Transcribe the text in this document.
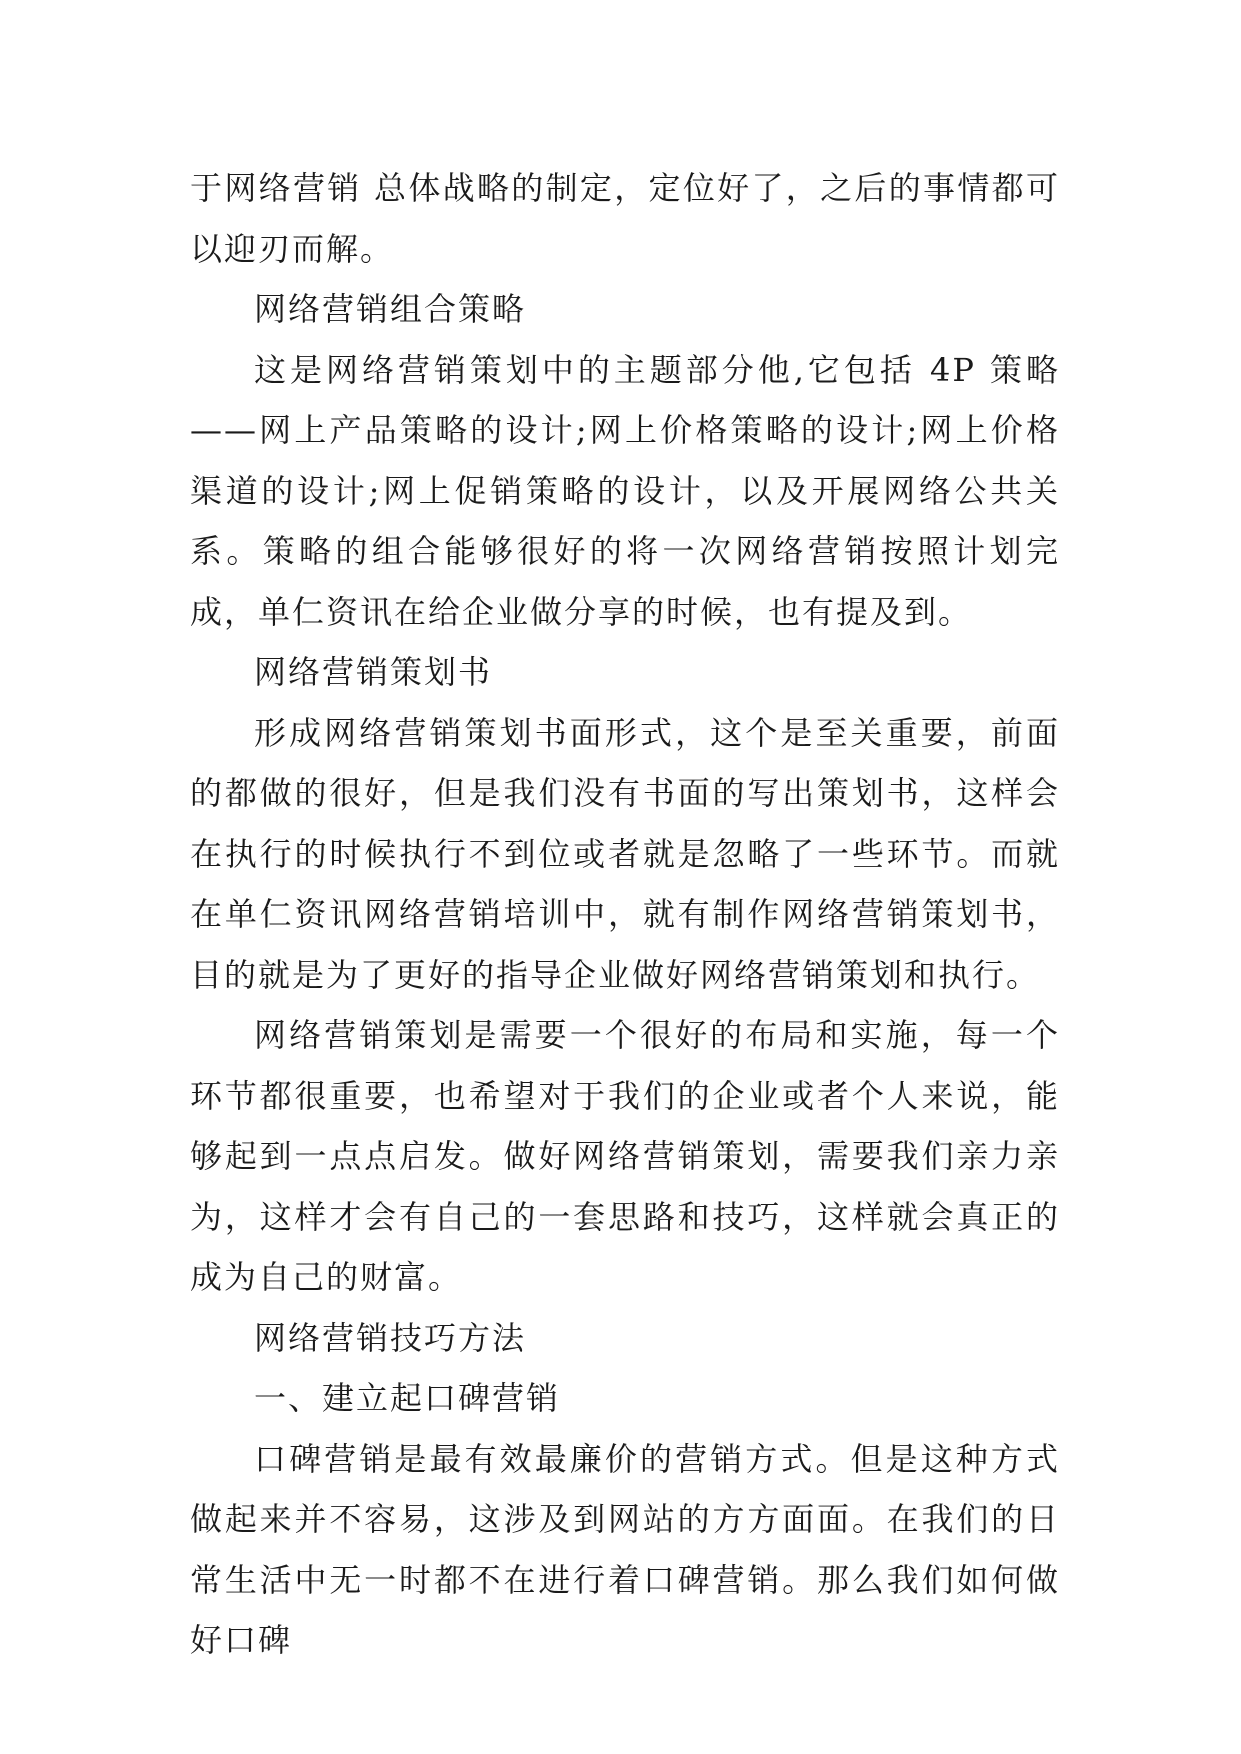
于网络营销 总体战略的制定，定位好了，之后的事情都可以迎刃而解。

网络营销组合策略

这是网络营销策划中的主题部分他,它包括 4P 策略——网上产品策略的设计;网上价格策略的设计;网上价格渠道的设计;网上促销策略的设计，以及开展网络公共关系。策略的组合能够很好的将一次网络营销按照计划完成，单仁资讯在给企业做分享的时候，也有提及到。

网络营销策划书

形成网络营销策划书面形式，这个是至关重要，前面的都做的很好，但是我们没有书面的写出策划书，这样会在执行的时候执行不到位或者就是忽略了一些环节。而就在单仁资讯网络营销培训中，就有制作网络营销策划书，目的就是为了更好的指导企业做好网络营销策划和执行。

网络营销策划是需要一个很好的布局和实施，每一个环节都很重要，也希望对于我们的企业或者个人来说，能够起到一点点启发。做好网络营销策划，需要我们亲力亲为，这样才会有自己的一套思路和技巧，这样就会真正的成为自己的财富。

网络营销技巧方法

一、建立起口碑营销

口碑营销是最有效最廉价的营销方式。但是这种方式做起来并不容易，这涉及到网站的方方面面。在我们的日常生活中无一时都不在进行着口碑营销。那么我们如何做好口碑
